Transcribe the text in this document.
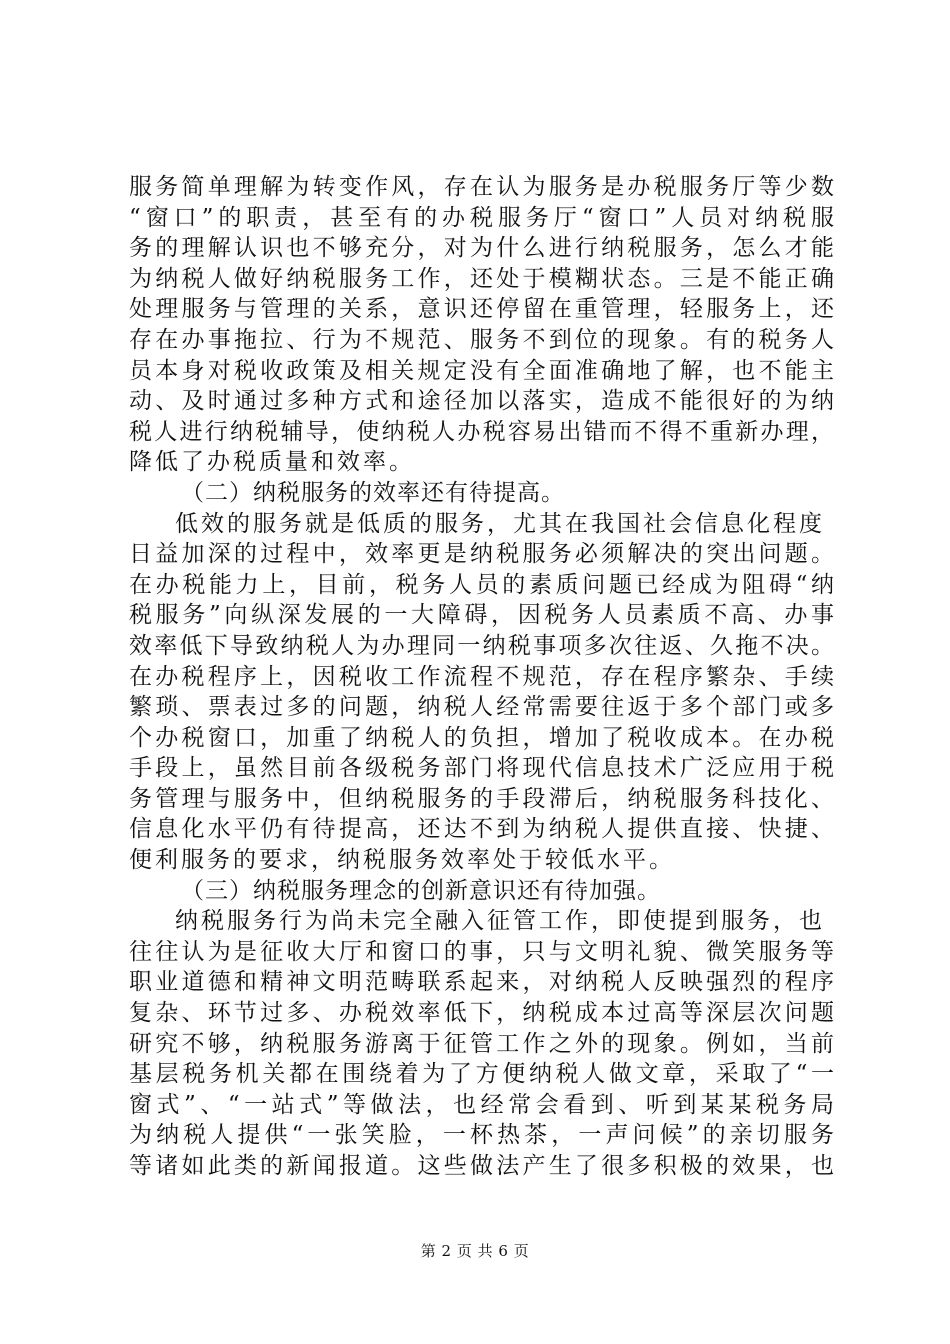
服务简单理解为转变作风，存在认为服务是办税服务厅等少数
“窗口”的职责，甚至有的办税服务厅“窗口”人员对纳税服
务的理解认识也不够充分，对为什么进行纳税服务，怎么才能
为纳税人做好纳税服务工作，还处于模糊状态。三是不能正确
处理服务与管理的关系，意识还停留在重管理，轻服务上，还
存在办事拖拉、行为不规范、服务不到位的现象。有的税务人
员本身对税收政策及相关规定没有全面准确地了解，也不能主
动、及时通过多种方式和途径加以落实，造成不能很好的为纳
税人进行纳税辅导，使纳税人办税容易出错而不得不重新办理，
降低了办税质量和效率。
（二）纳税服务的效率还有待提高。
低效的服务就是低质的服务，尤其在我国社会信息化程度
日益加深的过程中，效率更是纳税服务必须解决的突出问题。
在办税能力上，目前，税务人员的素质问题已经成为阻碍“纳
税服务”向纵深发展的一大障碍，因税务人员素质不高、办事
效率低下导致纳税人为办理同一纳税事项多次往返、久拖不决。
在办税程序上，因税收工作流程不规范，存在程序繁杂、手续
繁琐、票表过多的问题，纳税人经常需要往返于多个部门或多
个办税窗口，加重了纳税人的负担，增加了税收成本。在办税
手段上，虽然目前各级税务部门将现代信息技术广泛应用于税
务管理与服务中，但纳税服务的手段滞后，纳税服务科技化、
信息化水平仍有待提高，还达不到为纳税人提供直接、快捷、
便利服务的要求，纳税服务效率处于较低水平。
（三）纳税服务理念的创新意识还有待加强。
纳税服务行为尚未完全融入征管工作，即使提到服务，也
往往认为是征收大厅和窗口的事，只与文明礼貌、微笑服务等
职业道德和精神文明范畴联系起来，对纳税人反映强烈的程序
复杂、环节过多、办税效率低下，纳税成本过高等深层次问题
研究不够，纳税服务游离于征管工作之外的现象。例如，当前
基层税务机关都在围绕着为了方便纳税人做文章，采取了“一
窗式”、“一站式”等做法，也经常会看到、听到某某税务局
为纳税人提供“一张笑脸，一杯热茶，一声问候”的亲切服务
等诸如此类的新闻报道。这些做法产生了很多积极的效果，也
第 2 页 共 6 页
